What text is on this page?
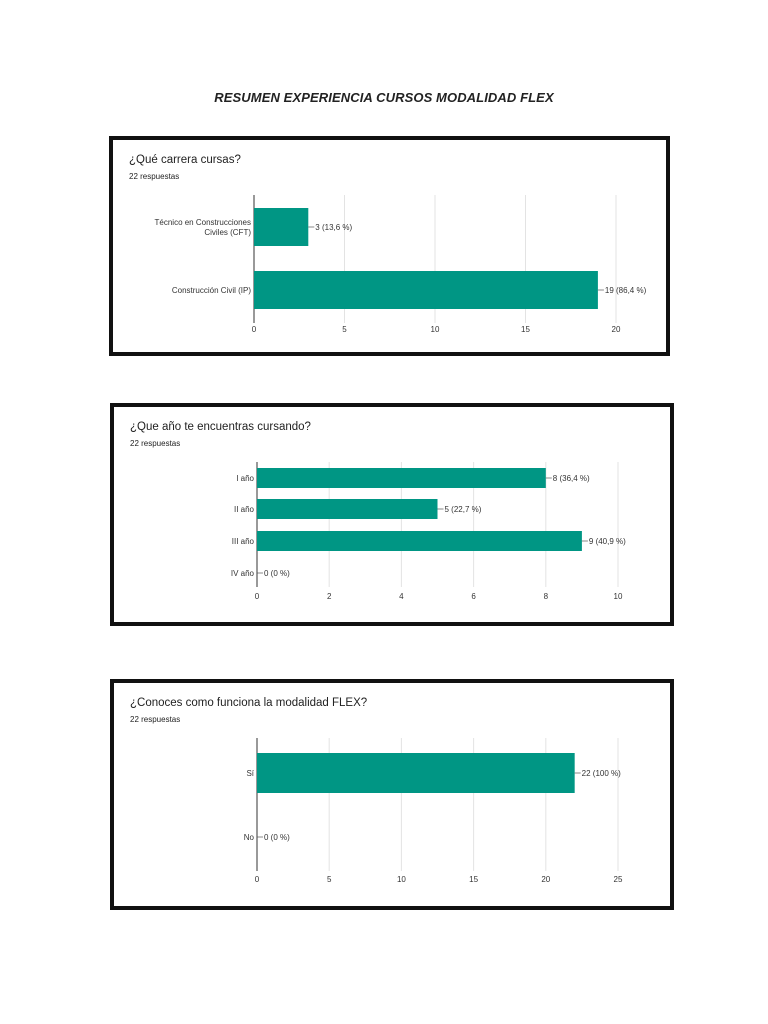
RESUMEN EXPERIENCIA CURSOS MODALIDAD FLEX
¿Qué carrera cursas?
22 respuestas
0	5	10	15	20
3 (13,6 %)
Técnico en Construcciones
Civiles (CFT)
19 (86,4 %)
Construcción Civil (IP)
¿Que año te encuentras cursando?
22 respuestas
0	2	4	6	8	10
8 (36,4 %)
I año
5 (22,7 %)
II año
9 (40,9 %)
III año
0 (0 %)
IV año
¿Conoces como funciona la modalidad FLEX?
22 respuestas
0	5	10	15	20	25
22 (100 %)
Sí
0 (0 %)
No
